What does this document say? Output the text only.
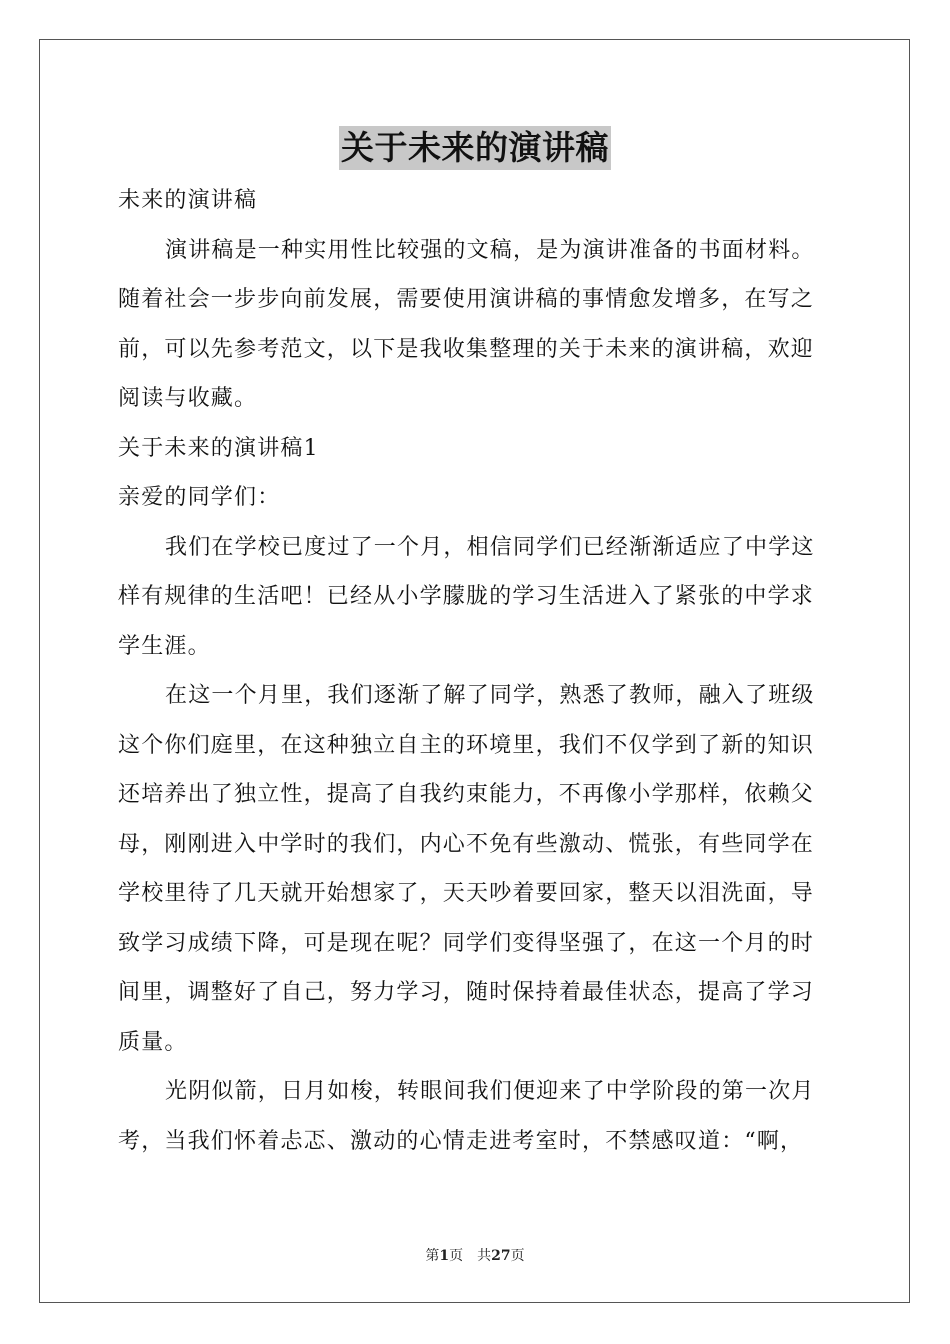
关于未来的演讲稿

未来的演讲稿

演讲稿是一种实用性比较强的文稿，是为演讲准备的书面材料。随着社会一步步向前发展，需要使用演讲稿的事情愈发增多，在写之前，可以先参考范文，以下是我收集整理的关于未来的演讲稿，欢迎阅读与收藏。

关于未来的演讲稿1

亲爱的同学们：

我们在学校已度过了一个月，相信同学们已经渐渐适应了中学这样有规律的生活吧！已经从小学朦胧的学习生活进入了紧张的中学求学生涯。

在这一个月里，我们逐渐了解了同学，熟悉了教师，融入了班级这个你们庭里，在这种独立自主的环境里，我们不仅学到了新的知识还培养出了独立性，提高了自我约束能力，不再像小学那样，依赖父母，刚刚进入中学时的我们，内心不免有些激动、慌张，有些同学在学校里待了几天就开始想家了，天天吵着要回家，整天以泪洗面，导致学习成绩下降，可是现在呢？同学们变得坚强了，在这一个月的时间里，调整好了自己，努力学习，随时保持着最佳状态，提高了学习质量。

光阴似箭，日月如梭，转眼间我们便迎来了中学阶段的第一次月考，当我们怀着忐忑、激动的心情走进考室时，不禁感叹道：“啊，

第1页 共27页
